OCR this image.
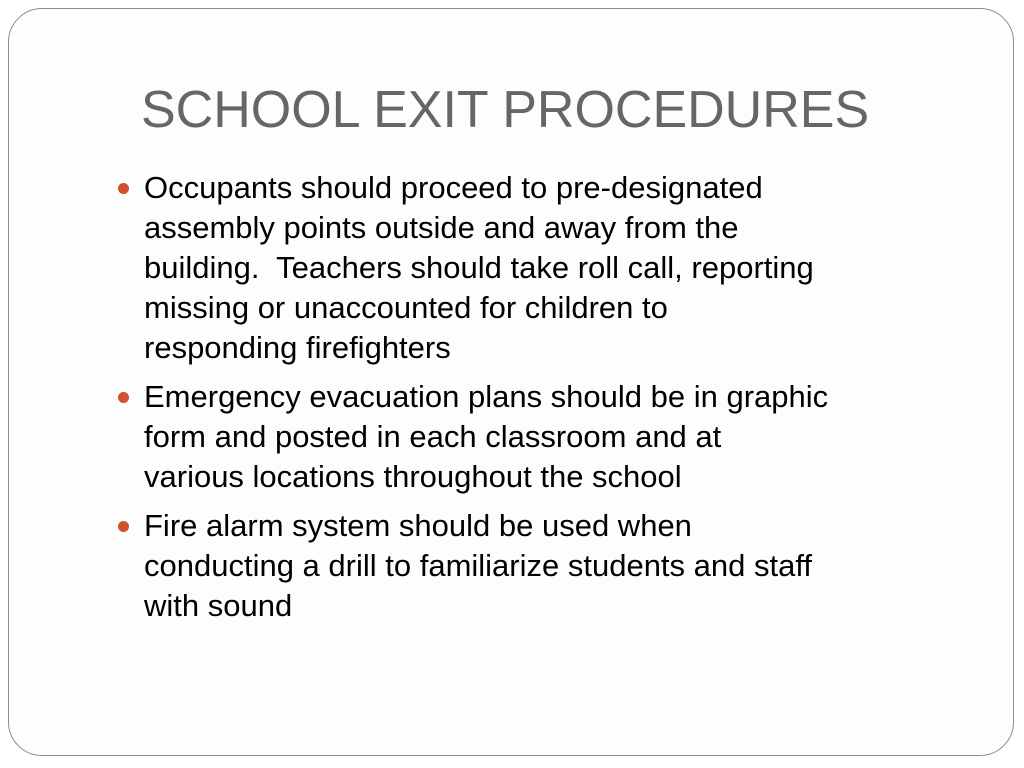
SCHOOL EXIT PROCEDURES
Occupants should proceed to pre-designated
assembly points outside and away from the
building.  Teachers should take roll call, reporting
missing or unaccounted for children to
responding firefighters
Emergency evacuation plans should be in graphic
form and posted in each classroom and at
various locations throughout the school
Fire alarm system should be used when
conducting a drill to familiarize students and staff
with sound
